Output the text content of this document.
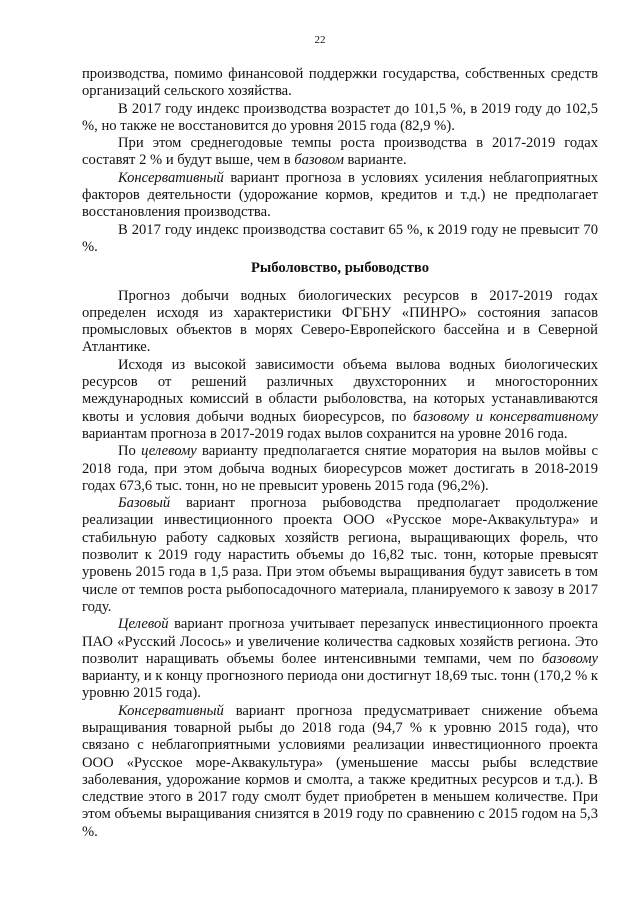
22

производства, помимо финансовой поддержки государства, собственных средств организаций сельского хозяйства.

В 2017 году индекс производства возрастет до 101,5 %, в 2019 году до 102,5 %, но также не восстановится до уровня 2015 года (82,9 %).

При этом среднегодовые темпы роста производства в 2017-2019 годах составят 2 % и будут выше, чем в базовом варианте.

Консервативный вариант прогноза в условиях усиления неблагоприятных факторов деятельности (удорожание кормов, кредитов и т.д.) не предполагает восстановления производства.

В 2017 году индекс производства составит 65 %, к 2019 году не превысит 70 %.

Рыболовство, рыбоводство

Прогноз добычи водных биологических ресурсов в 2017-2019 годах определен исходя из характеристики ФГБНУ «ПИНРО» состояния запасов промысловых объектов в морях Северо-Европейского бассейна и в Северной Атлантике.

Исходя из высокой зависимости объема вылова водных биологических ресурсов от решений различных двухсторонних и многосторонних международных комиссий в области рыболовства, на которых устанавливаются квоты и условия добычи водных биоресурсов, по базовому и консервативному вариантам прогноза в 2017-2019 годах вылов сохранится на уровне 2016 года.

По целевому варианту предполагается снятие моратория на вылов мойвы с 2018 года, при этом добыча водных биоресурсов может достигать в 2018-2019 годах 673,6 тыс. тонн, но не превысит уровень 2015 года (96,2%).

Базовый вариант прогноза рыбоводства предполагает продолжение реализации инвестиционного проекта ООО «Русское море-Аквакультура» и стабильную работу садковых хозяйств региона, выращивающих форель, что позволит к 2019 году нарастить объемы до 16,82 тыс. тонн, которые превысят уровень 2015 года в 1,5 раза. При этом объемы выращивания будут зависеть в том числе от темпов роста рыбопосадочного материала, планируемого к завозу в 2017 году.

Целевой вариант прогноза учитывает перезапуск инвестиционного проекта ПАО «Русский Лосось» и увеличение количества садковых хозяйств региона. Это позволит наращивать объемы более интенсивными темпами, чем по базовому варианту, и к концу прогнозного периода они достигнут 18,69 тыс. тонн (170,2 % к уровню 2015 года).

Консервативный вариант прогноза предусматривает снижение объема выращивания товарной рыбы до 2018 года (94,7 % к уровню 2015 года), что связано с неблагоприятными условиями реализации инвестиционного проекта ООО «Русское море-Аквакультура» (уменьшение массы рыбы вследствие заболевания, удорожание кормов и смолта, а также кредитных ресурсов и т.д.). В следствие этого в 2017 году смолт будет приобретен в меньшем количестве. При этом объемы выращивания снизятся в 2019 году по сравнению с 2015 годом на 5,3 %.
